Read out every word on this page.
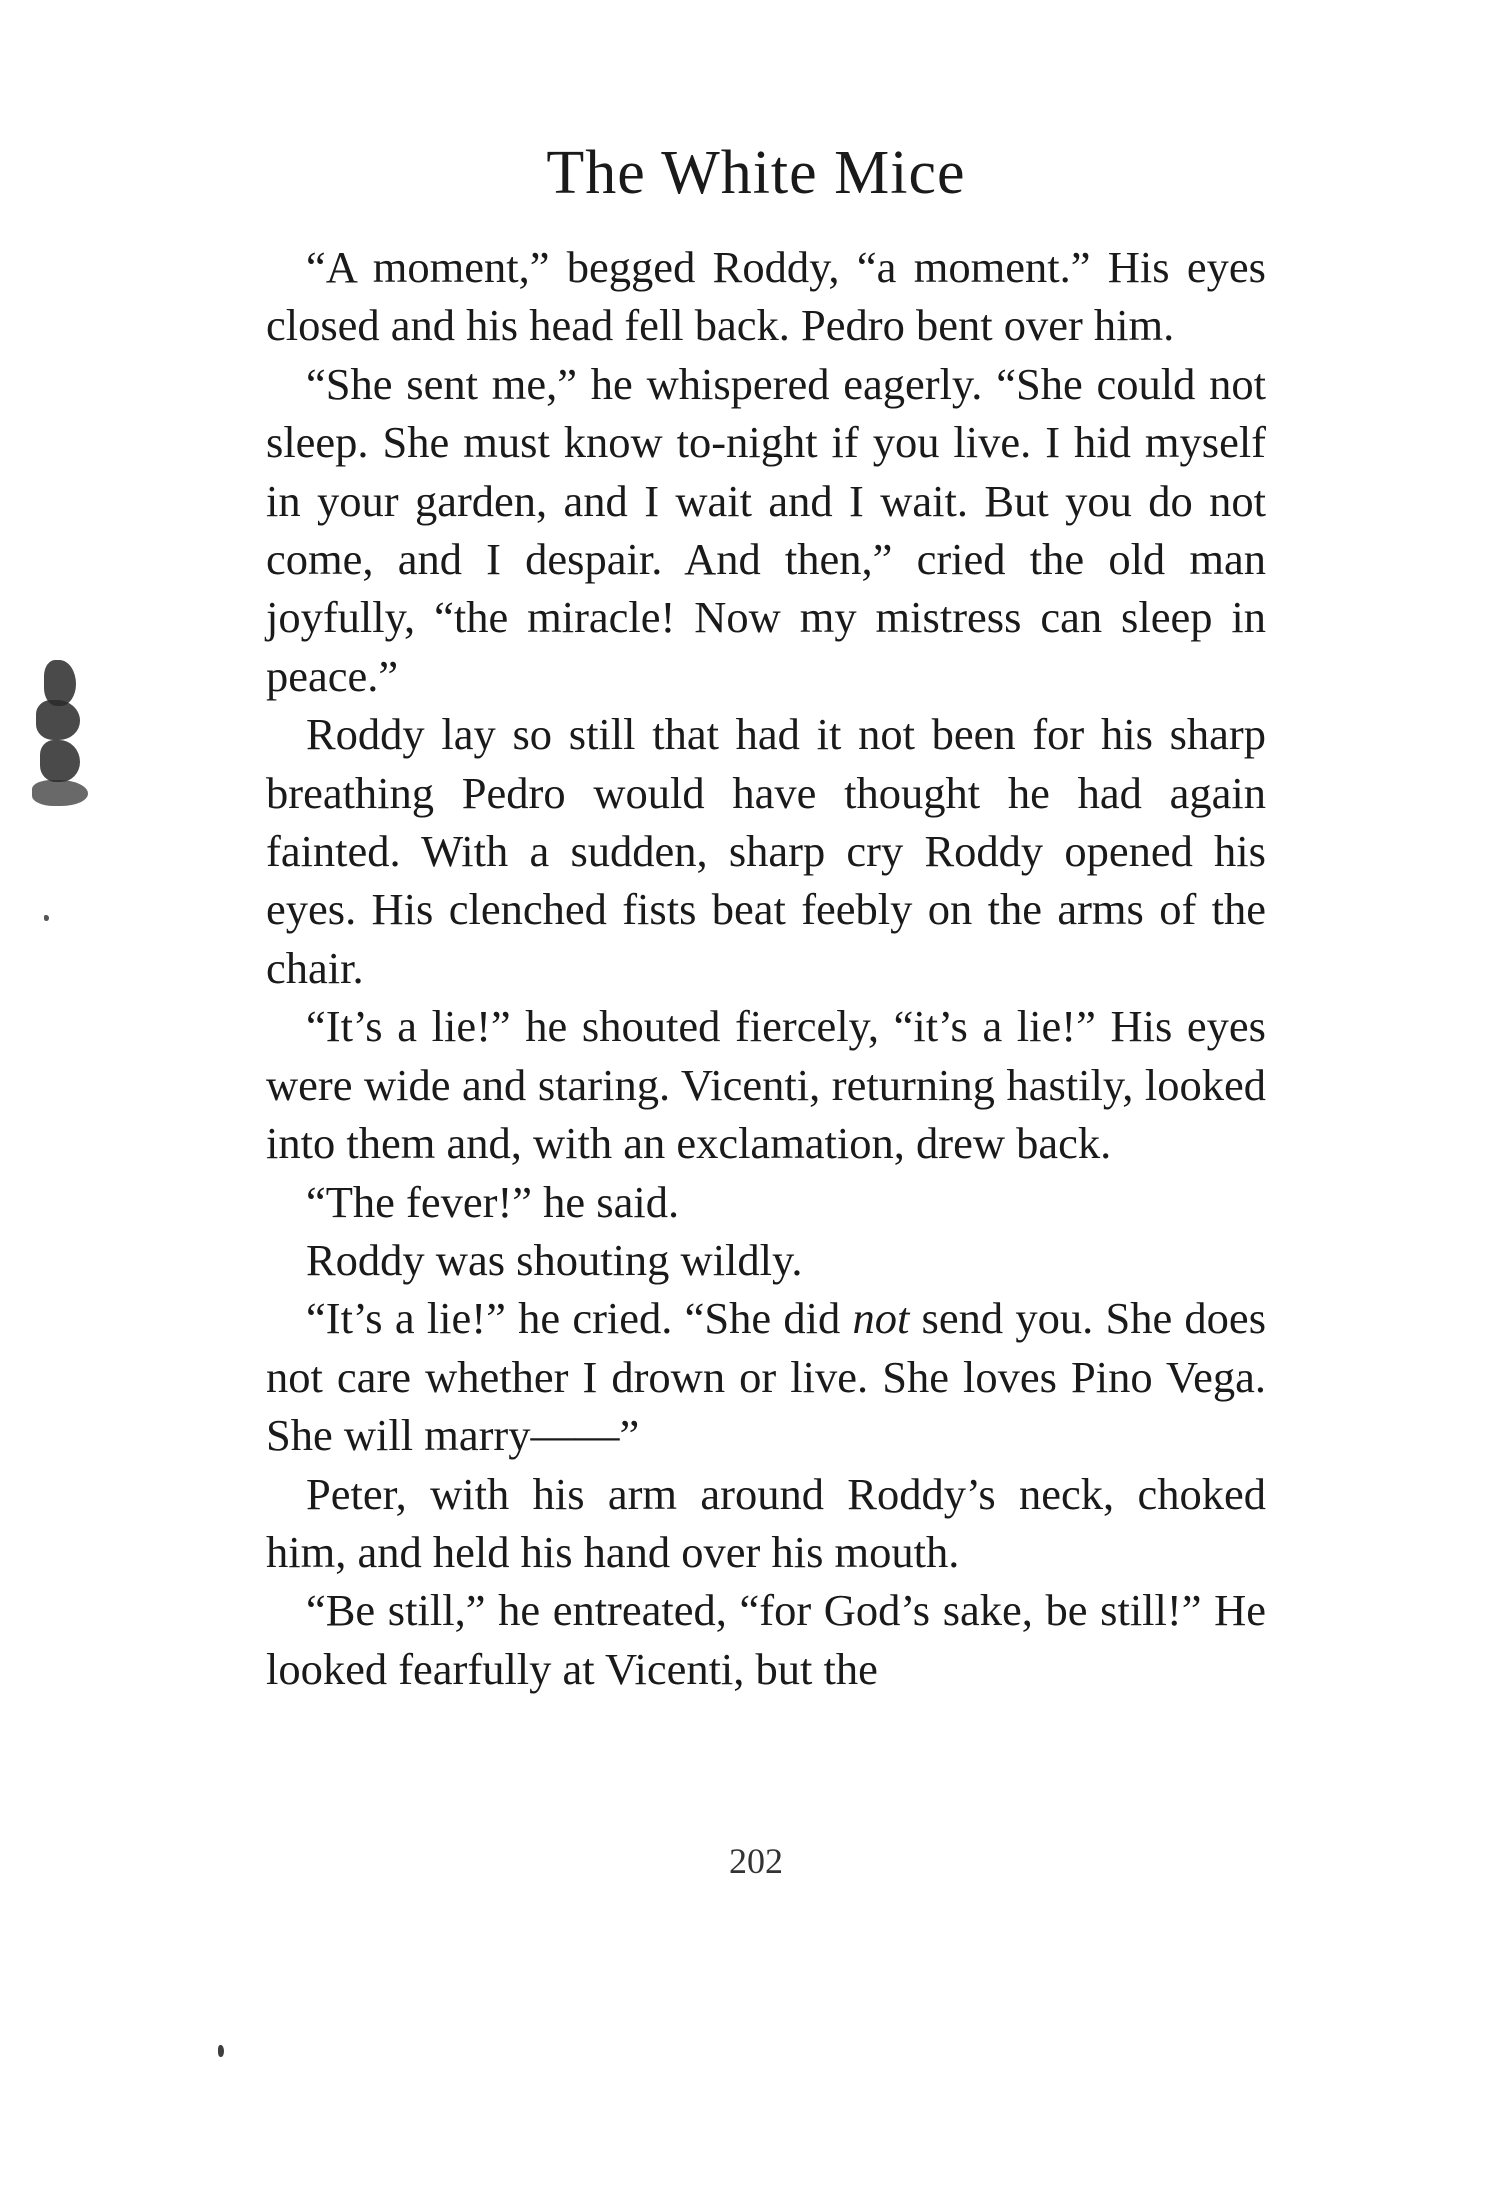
The White Mice

“A moment,” begged Roddy, “a moment.” His eyes closed and his head fell back. Pedro bent over him.

“She sent me,” he whispered eagerly. “She could not sleep. She must know to-night if you live. I hid myself in your garden, and I wait and I wait. But you do not come, and I despair. And then,” cried the old man joyfully, “the miracle! Now my mistress can sleep in peace.”

Roddy lay so still that had it not been for his sharp breathing Pedro would have thought he had again fainted. With a sudden, sharp cry Roddy opened his eyes. His clenched fists beat feebly on the arms of the chair.

“It’s a lie!” he shouted fiercely, “it’s a lie!” His eyes were wide and staring. Vicenti, returning hastily, looked into them and, with an exclamation, drew back.

“The fever!” he said.

Roddy was shouting wildly.

“It’s a lie!” he cried. “She did not send you. She does not care whether I drown or live. She loves Pino Vega. She will marry——”

Peter, with his arm around Roddy’s neck, choked him, and held his hand over his mouth.

“Be still,” he entreated, “for God’s sake, be still!” He looked fearfully at Vicenti, but the

202
